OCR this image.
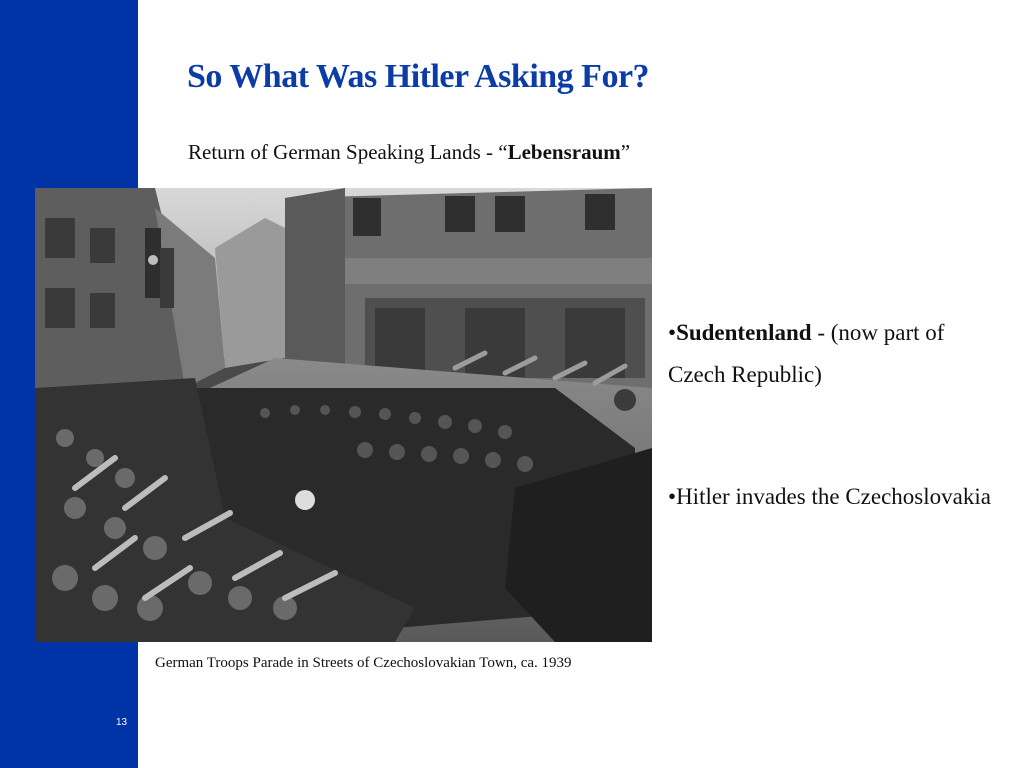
13
So What Was Hitler Asking For?

Return of German Speaking Lands - “Lebensraum”

German Troops Parade in Streets of Czechoslovakian Town, ca. 1939

•Sudentenland - (now part of Czech Republic)

•Hitler invades the Czechoslovakia
